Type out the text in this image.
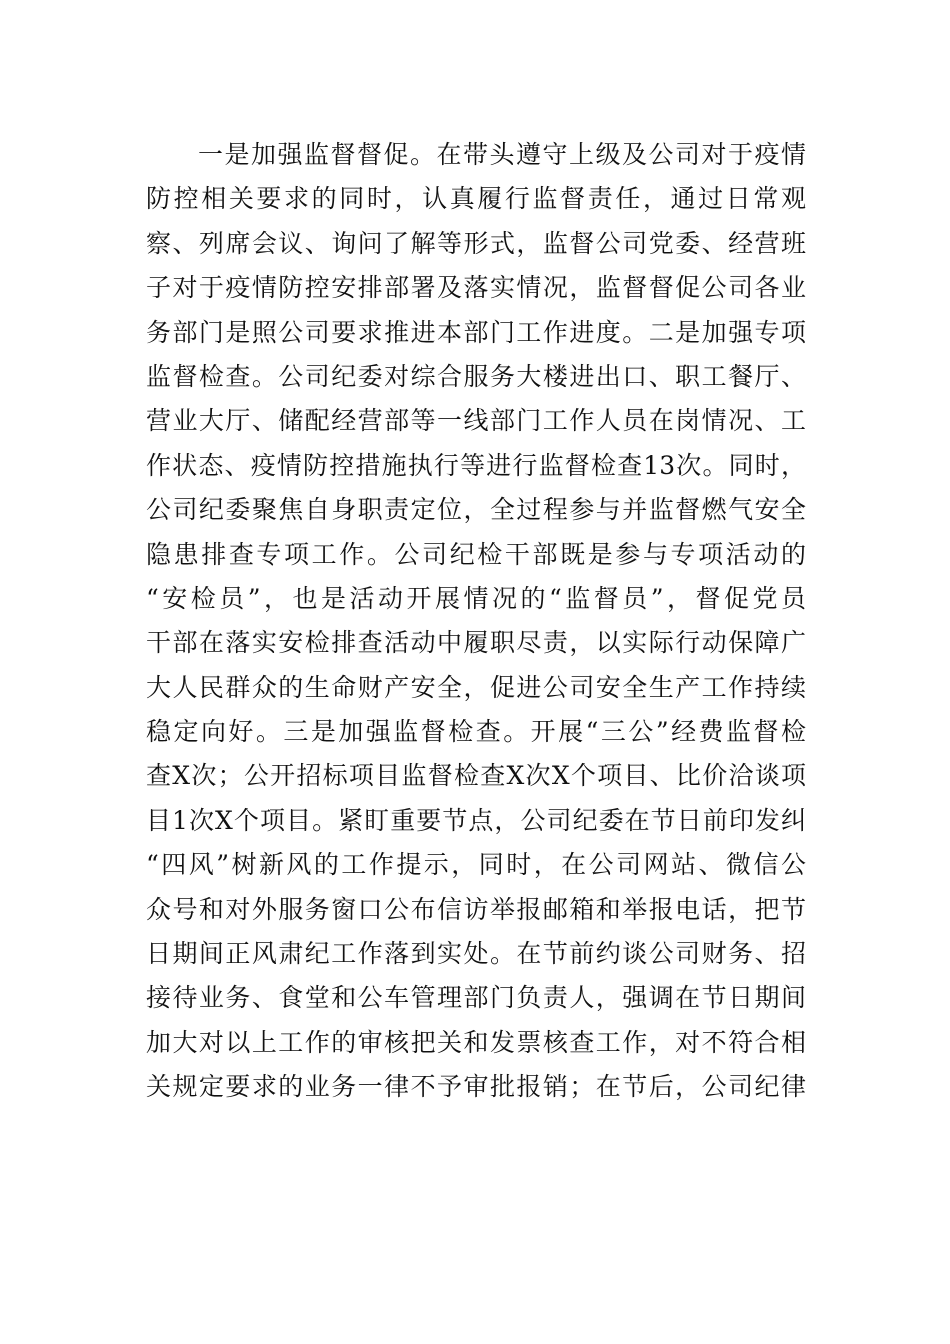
一是加强监督督促。在带头遵守上级及公司对于疫情
防控相关要求的同时，认真履行监督责任，通过日常观
察、列席会议、询问了解等形式，监督公司党委、经营班
子对于疫情防控安排部署及落实情况，监督督促公司各业
务部门是照公司要求推进本部门工作进度。二是加强专项
监督检查。公司纪委对综合服务大楼进出口、职工餐厅、
营业大厅、储配经营部等一线部门工作人员在岗情况、工
作状态、疫情防控措施执行等进行监督检查13次。同时，
公司纪委聚焦自身职责定位，全过程参与并监督燃气安全
隐患排查专项工作。公司纪检干部既是参与专项活动的
“安检员”，也是活动开展情况的“监督员”，督促党员
干部在落实安检排查活动中履职尽责，以实际行动保障广
大人民群众的生命财产安全，促进公司安全生产工作持续
稳定向好。三是加强监督检查。开展“三公”经费监督检
查X次；公开招标项目监督检查X次X个项目、比价洽谈项
目1次X个项目。紧盯重要节点，公司纪委在节日前印发纠
“四风”树新风的工作提示，同时，在公司网站、微信公
众号和对外服务窗口公布信访举报邮箱和举报电话，把节
日期间正风肃纪工作落到实处。在节前约谈公司财务、招
接待业务、食堂和公车管理部门负责人，强调在节日期间
加大对以上工作的审核把关和发票核查工作，对不符合相
关规定要求的业务一律不予审批报销；在节后，公司纪律
